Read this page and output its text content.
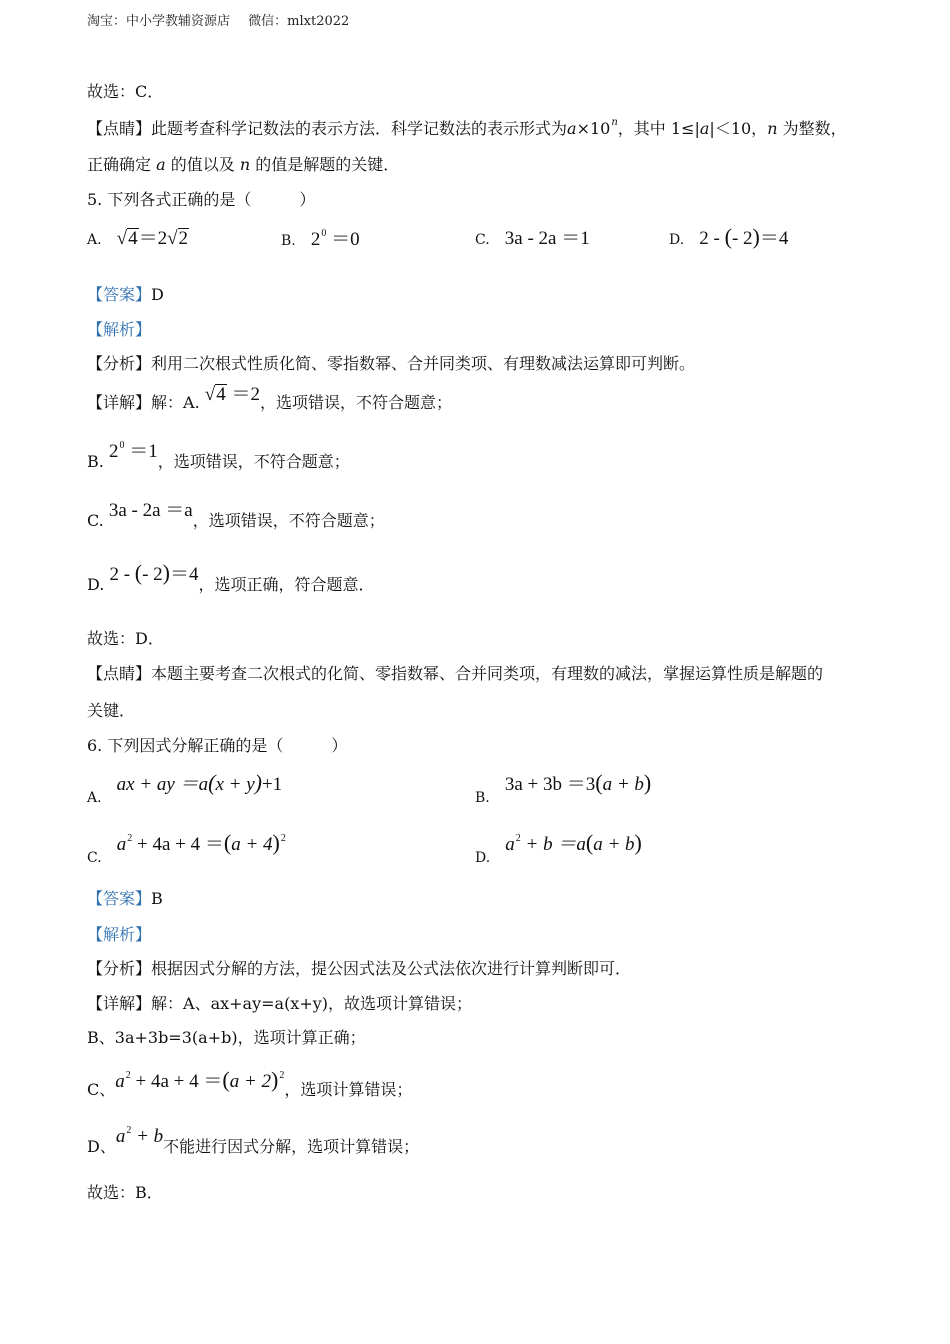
淘宝：中小学教辅资源店 微信：mlxt2022
故选：C．
【点睛】此题考查科学记数法的表示方法．科学记数法的表示形式为$a\times 10^n$，其中 1≤|a|＜10，n 为整数，
正确确定 a 的值以及 n 的值是解题的关键．
5. 下列各式正确的是（　　　）
A. √4＝2√2	B. $2^0 =0$	C. 3a - 2a ＝1	D. 2 - (- 2)＝4
【答案】D
【解析】
【分析】利用二次根式性质化简、零指数幂、合并同类项、有理数减法运算即可判断。
【详解】解：A. √4 ＝2，选项错误，不符合题意；
B. $2^0 =1$，选项错误，不符合题意；
C. 3a - 2a ＝a，选项错误，不符合题意；
D. 2 - (- 2)＝4，选项正确，符合题意．
故选：D．
【点睛】本题主要考查二次根式的化简、零指数幂、合并同类项，有理数的减法，掌握运算性质是解题的
关键．
6. 下列因式分解正确的是（　　　）
A. ax + ay ＝a(x + y)+1
B. 3a + 3b ＝3(a + b)
C. $a^2 + 4a + 4 =(a + 4)^2$
D. $a^2 + b =a(a + b)$
【答案】B
【解析】
【分析】根据因式分解的方法，提公因式法及公式法依次进行计算判断即可．
【详解】解：A、ax+ay=a(x+y)，故选项计算错误；
B、3a+3b=3(a+b)，选项计算正确；
C、$a^2 + 4a + 4 =(a + 2)^2$，选项计算错误；
D、$a^2 + b$不能进行因式分解，选项计算错误；
故选：B．
